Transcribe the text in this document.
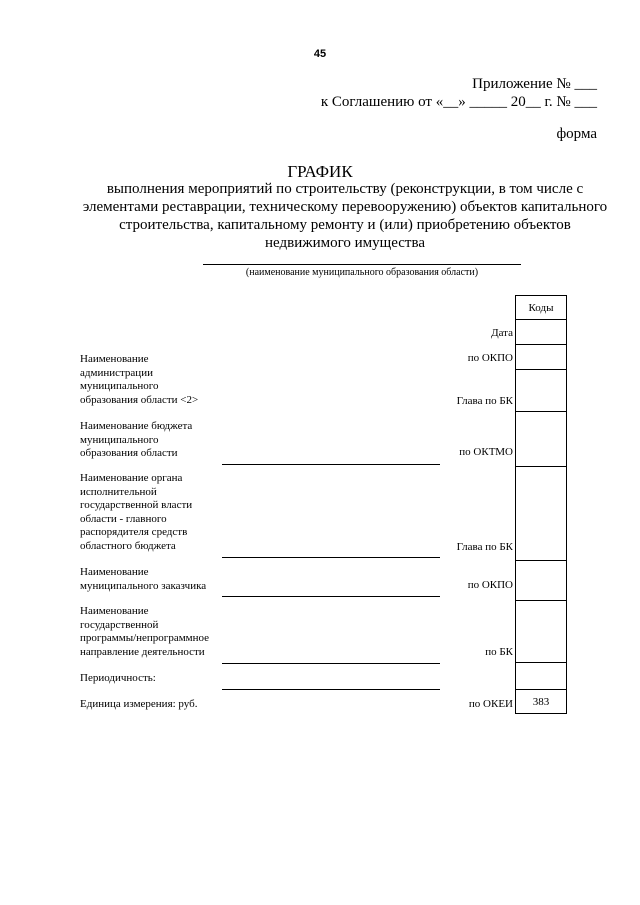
45
Приложение № ___
к Соглашению от «__» _____ 20__ г. № ___
форма
ГРАФИК
выполнения мероприятий по строительству (реконструкции, в том числе с элементами реставрации, техническому перевооружению) объектов капитального строительства, капитальному ремонту и (или) приобретению объектов недвижимого имущества
(наименование муниципального образования области)
Наименование
администрации
муниципального
образования области <2>
Наименование бюджета
муниципального
образования области
Наименование органа
исполнительной
государственной власти
области - главного
распорядителя средств
областного бюджета
Наименование
муниципального заказчика
Наименование
государственной
программы/непрограммное
направление деятельности
Периодичность:
Единица измерения: руб.
Дата
по ОКПО
Глава по БК
по ОКТМО
Глава по БК
по ОКПО
по БК
по ОКЕИ
Коды
383
